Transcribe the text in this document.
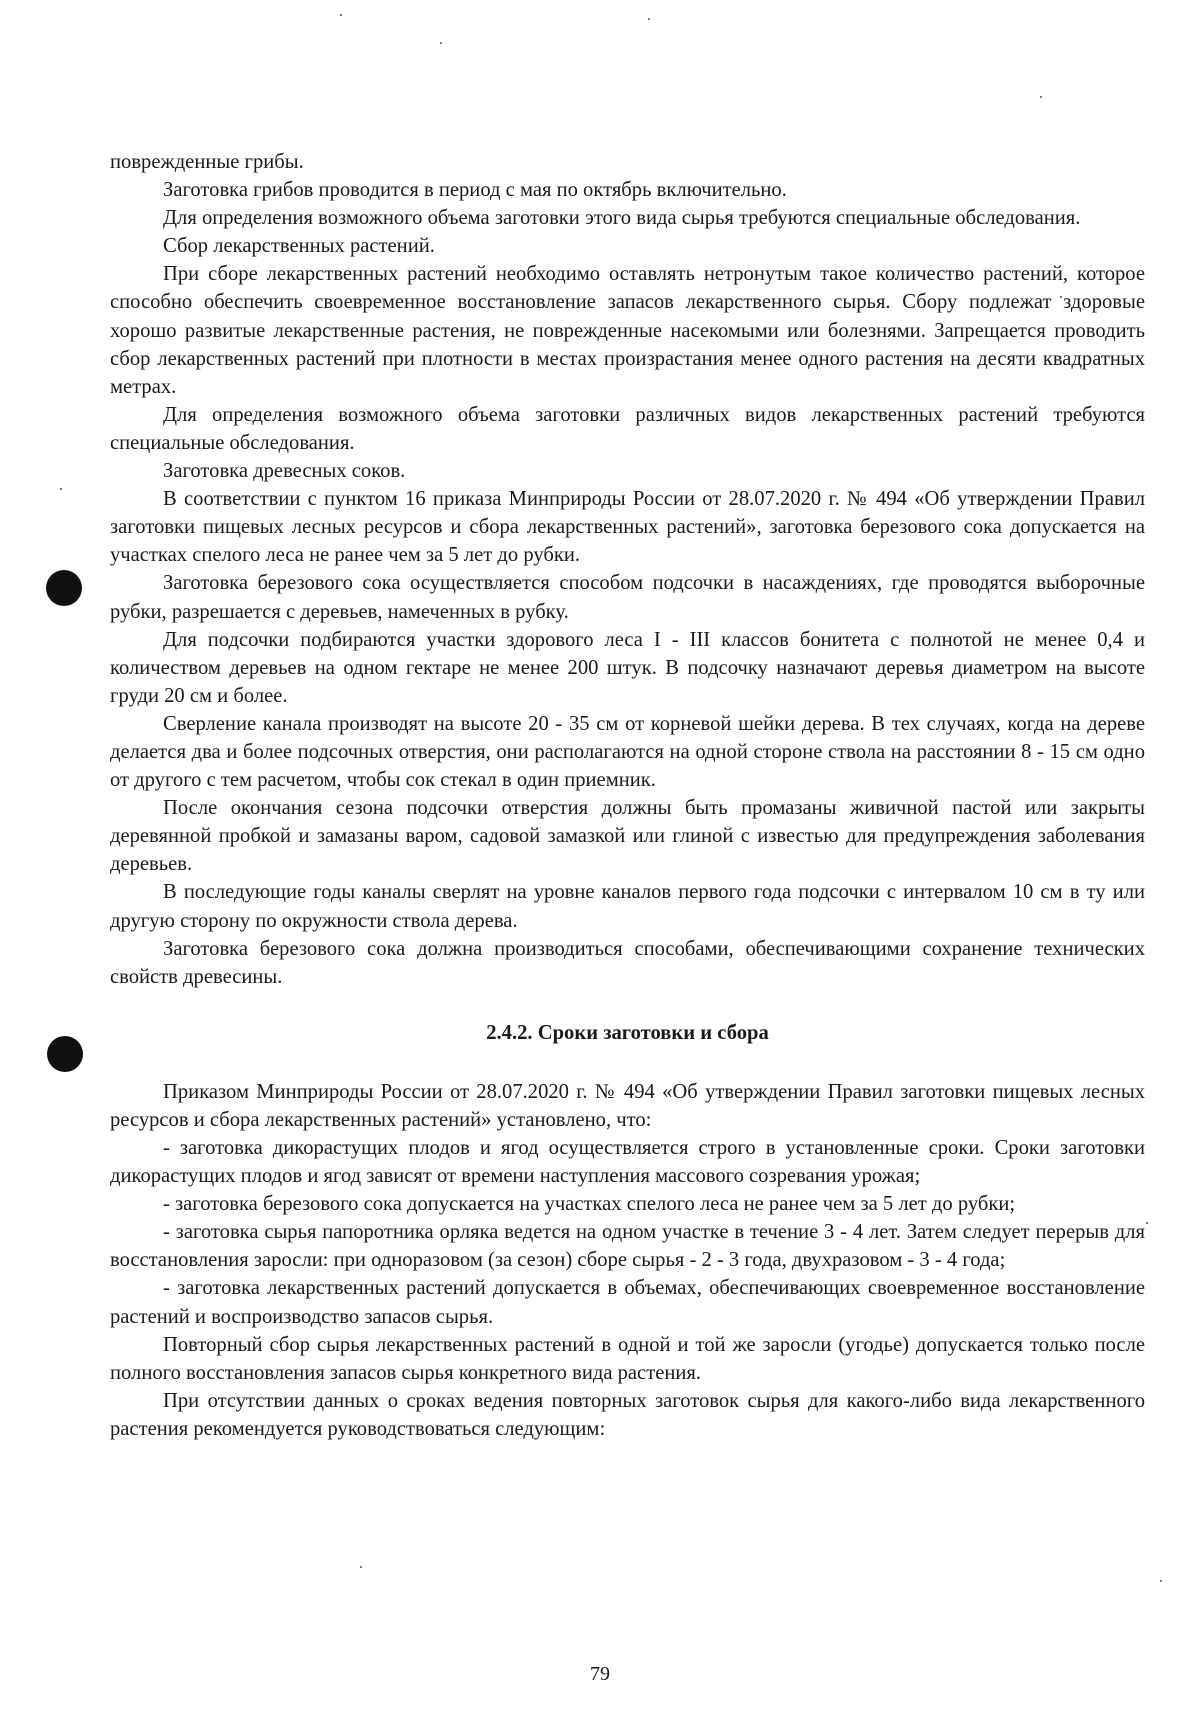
поврежденные грибы.

Заготовка грибов проводится в период с мая по октябрь включительно.

Для определения возможного объема заготовки этого вида сырья требуются специальные обследования.

Сбор лекарственных растений.

При сборе лекарственных растений необходимо оставлять нетронутым такое количество растений, которое способно обеспечить своевременное восстановление запасов лекарственного сырья. Сбору подлежат здоровые хорошо развитые лекарственные растения, не поврежденные насекомыми или болезнями. Запрещается проводить сбор лекарственных растений при плотности в местах произрастания менее одного растения на десяти квадратных метрах.

Для определения возможного объема заготовки различных видов лекарственных растений требуются специальные обследования.

Заготовка древесных соков.

В соответствии с пунктом 16 приказа Минприроды России от 28.07.2020 г. № 494 «Об утверждении Правил заготовки пищевых лесных ресурсов и сбора лекарственных растений», заготовка березового сока допускается на участках спелого леса не ранее чем за 5 лет до рубки.

Заготовка березового сока осуществляется способом подсочки в насаждениях, где проводятся выборочные рубки, разрешается с деревьев, намеченных в рубку.

Для подсочки подбираются участки здорового леса I - III классов бонитета с полнотой не менее 0,4 и количеством деревьев на одном гектаре не менее 200 штук. В подсочку назначают деревья диаметром на высоте груди 20 см и более.

Сверление канала производят на высоте 20 - 35 см от корневой шейки дерева. В тех случаях, когда на дереве делается два и более подсочных отверстия, они располагаются на одной стороне ствола на расстоянии 8 - 15 см одно от другого с тем расчетом, чтобы сок стекал в один приемник.

После окончания сезона подсочки отверстия должны быть промазаны живичной пастой или закрыты деревянной пробкой и замазаны варом, садовой замазкой или глиной с известью для предупреждения заболевания деревьев.

В последующие годы каналы сверлят на уровне каналов первого года подсочки с интервалом 10 см в ту или другую сторону по окружности ствола дерева.

Заготовка березового сока должна производиться способами, обеспечивающими сохранение технических свойств древесины.

2.4.2. Сроки заготовки и сбора

Приказом Минприроды России от 28.07.2020 г. № 494 «Об утверждении Правил заготовки пищевых лесных ресурсов и сбора лекарственных растений» установлено, что:

- заготовка дикорастущих плодов и ягод осуществляется строго в установленные сроки. Сроки заготовки дикорастущих плодов и ягод зависят от времени наступления массового созревания урожая;

- заготовка березового сока допускается на участках спелого леса не ранее чем за 5 лет до рубки;

- заготовка сырья папоротника орляка ведется на одном участке в течение 3 - 4 лет. Затем следует перерыв для восстановления заросли: при одноразовом (за сезон) сборе сырья - 2 - 3 года, двухразовом - 3 - 4 года;

- заготовка лекарственных растений допускается в объемах, обеспечивающих своевременное восстановление растений и воспроизводство запасов сырья.

Повторный сбор сырья лекарственных растений в одной и той же заросли (угодье) допускается только после полного восстановления запасов сырья конкретного вида растения.

При отсутствии данных о сроках ведения повторных заготовок сырья для какого-либо вида лекарственного растения рекомендуется руководствоваться следующим:

79
